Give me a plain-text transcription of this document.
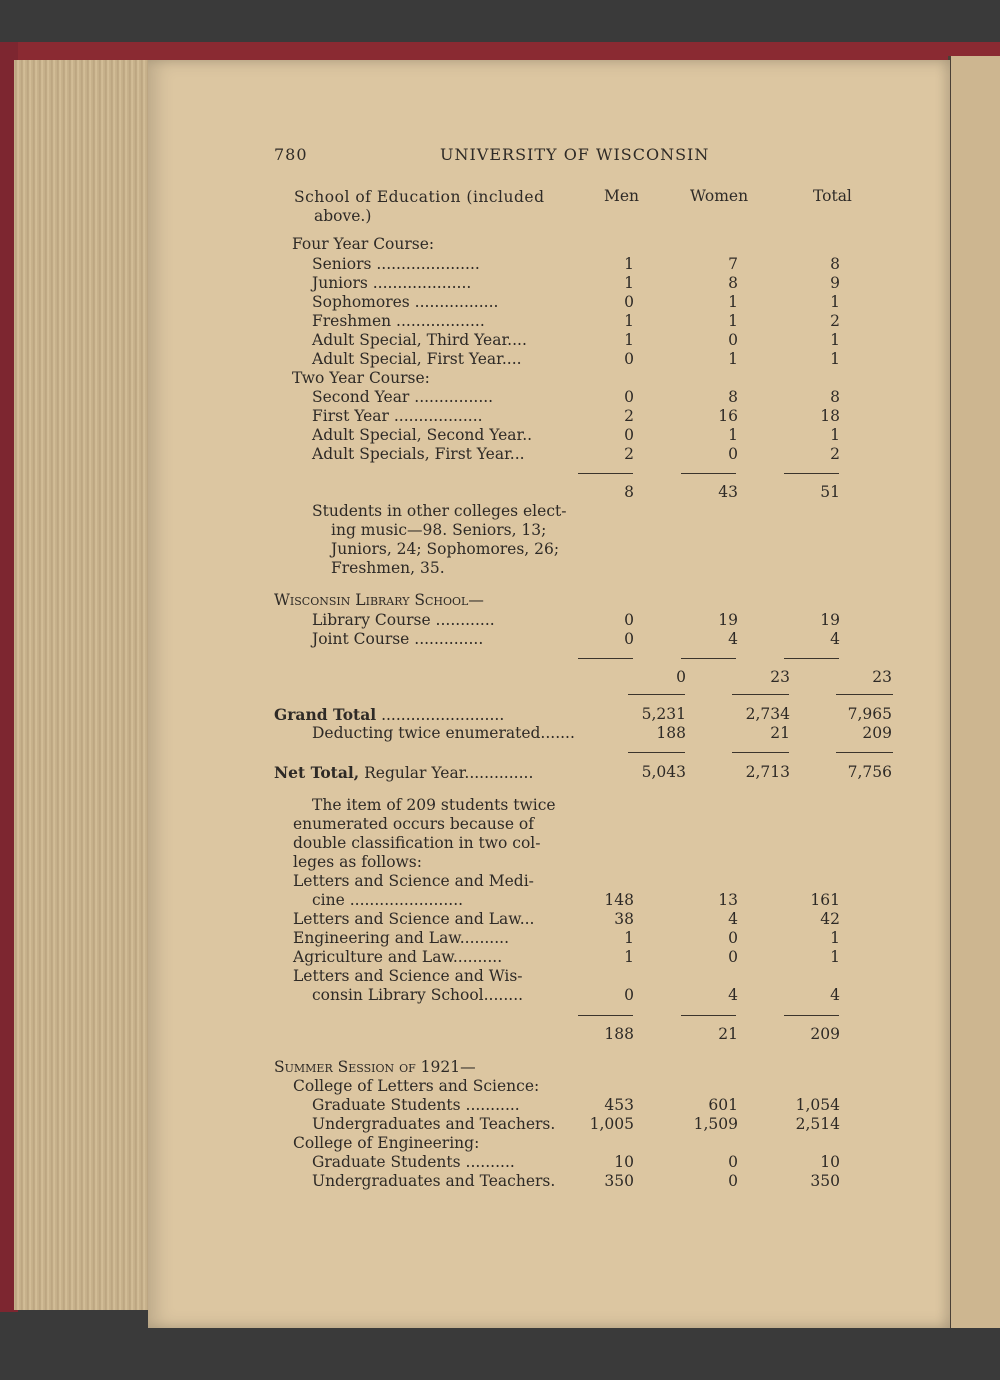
780	UNIVERSITY OF WISCONSIN
School of Education (included
above.)
Men	Women	Total
Four Year Course:
Seniors .....................	1	7	8
Juniors ....................	1	8	9
Sophomores .................	0	1	1
Freshmen ..................	1	1	2
Adult Special, Third Year....	1	0	1
Adult Special, First Year....	0	1	1
Two Year Course:
Second Year ................	0	8	8
First Year ..................	2	16	18
Adult Special, Second Year..	0	1	1
Adult Specials, First Year...	2	0	2
8	43	51
Students in other colleges elect-
ing music—98. Seniors, 13;
Juniors, 24; Sophomores, 26;
Freshmen, 35.
Wisconsin Library School—
Library Course ............	0	19	19
Joint Course ..............	0	4	4
0	23	23
Grand Total .........................	5,231	2,734	7,965
Deducting twice enumerated.......	188	21	209
Net Total, Regular Year..............	5,043	2,713	7,756
The item of 209 students twice
enumerated occurs because of
double classification in two col-
leges as follows:
Letters and Science and Medi-
cine .......................	148	13	161
Letters and Science and Law...	38	4	42
Engineering and Law..........	1	0	1
Agriculture and Law..........	1	0	1
Letters and Science and Wis-
consin Library School........	0	4	4
188	21	209
Summer Session of 1921—
College of Letters and Science:
Graduate Students ...........	453	601	1,054
Undergraduates and Teachers.	1,005	1,509	2,514
College of Engineering:
Graduate Students ..........	10	0	10
Undergraduates and Teachers.	350	0	350
